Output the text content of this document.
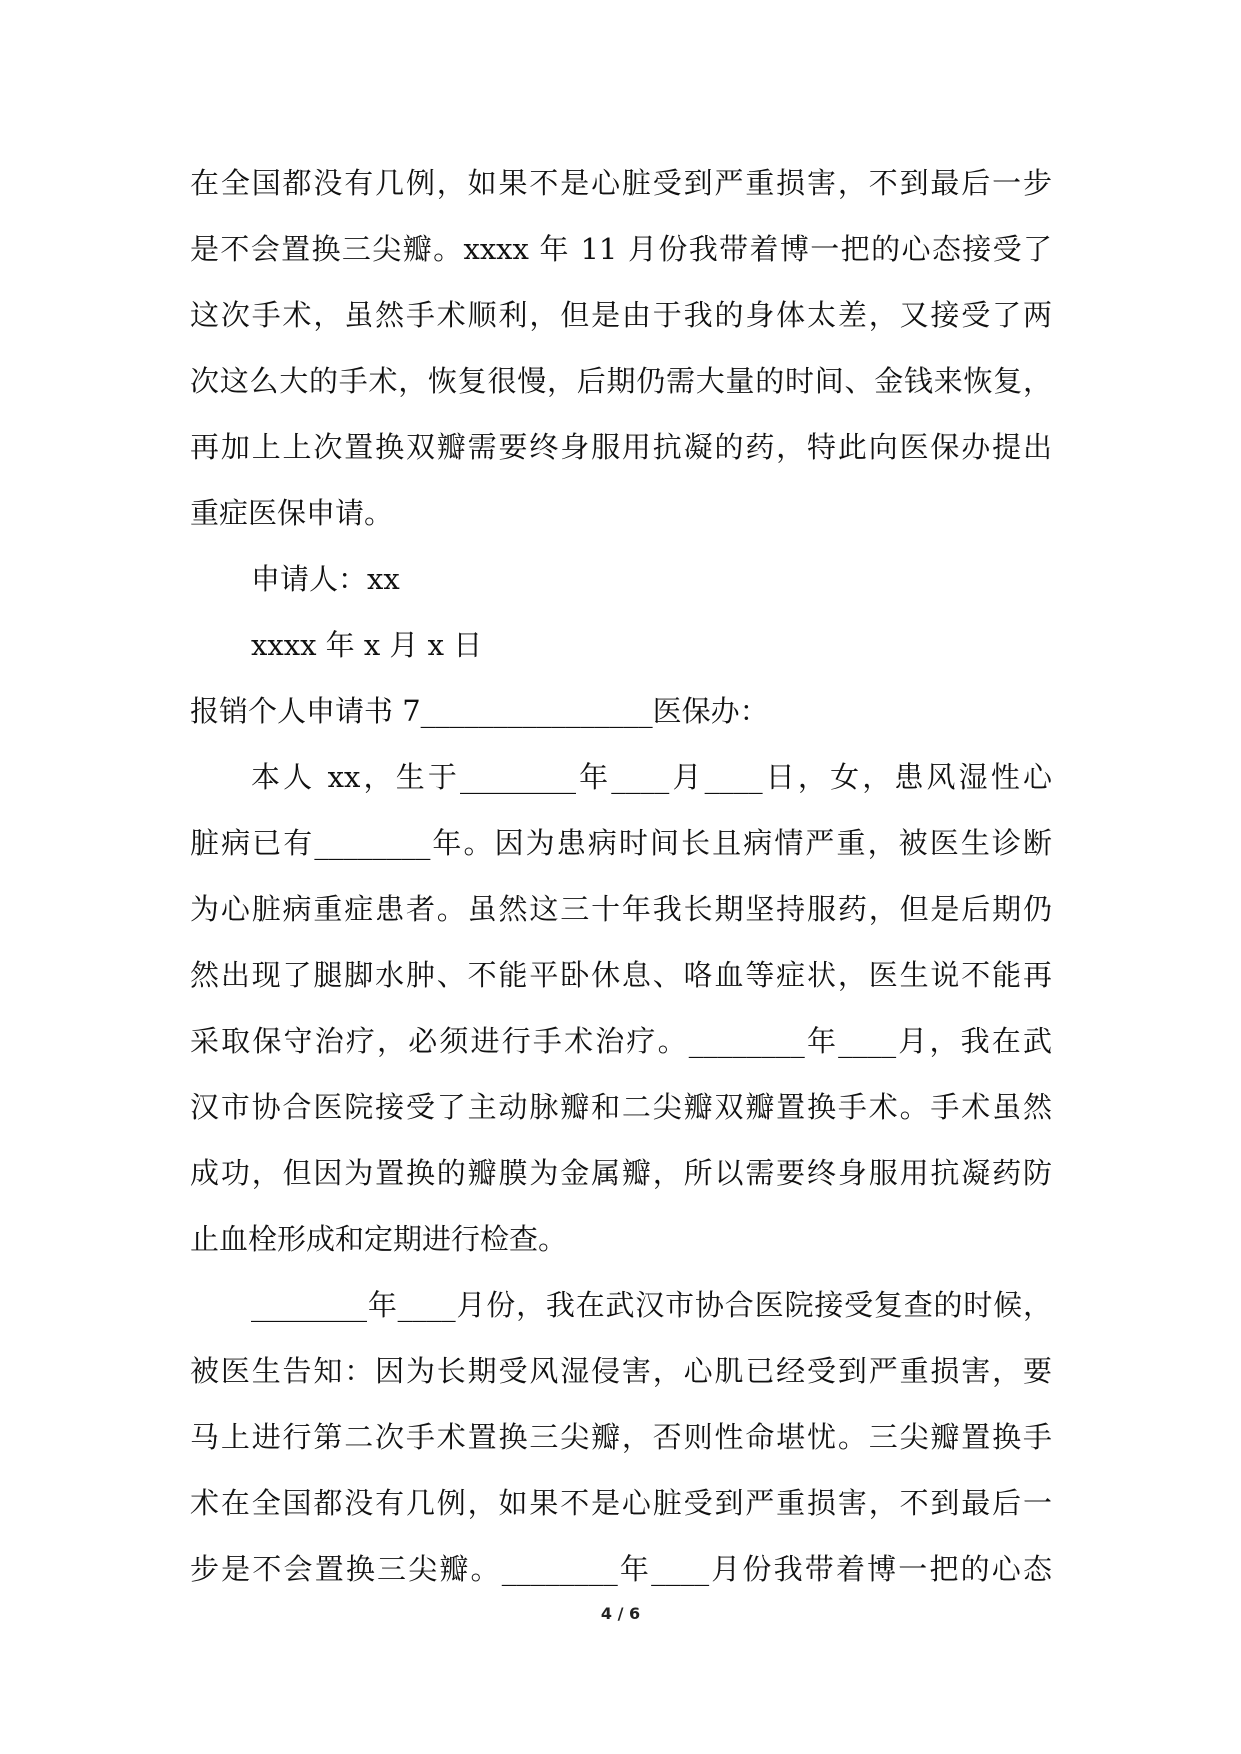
在全国都没有几例，如果不是心脏受到严重损害，不到最后一步
是不会置换三尖瓣。xxxx 年 11 月份我带着博一把的心态接受了
这次手术，虽然手术顺利，但是由于我的身体太差，又接受了两
次这么大的手术，恢复很慢，后期仍需大量的时间、金钱来恢复，
再加上上次置换双瓣需要终身服用抗凝的药，特此向医保办提出
重症医保申请。
申请人：xx
xxxx 年 x 月 x 日
报销个人申请书 7________________医保办：
本人 xx，生于________年____月____日，女，患风湿性心
脏病已有________年。因为患病时间长且病情严重，被医生诊断
为心脏病重症患者。虽然这三十年我长期坚持服药，但是后期仍
然出现了腿脚水肿、不能平卧休息、咯血等症状，医生说不能再
采取保守治疗，必须进行手术治疗。________年____月，我在武
汉市协合医院接受了主动脉瓣和二尖瓣双瓣置换手术。手术虽然
成功，但因为置换的瓣膜为金属瓣，所以需要终身服用抗凝药防
止血栓形成和定期进行检查。
________年____月份，我在武汉市协合医院接受复查的时候，
被医生告知：因为长期受风湿侵害，心肌已经受到严重损害，要
马上进行第二次手术置换三尖瓣，否则性命堪忧。三尖瓣置换手
术在全国都没有几例，如果不是心脏受到严重损害，不到最后一
步是不会置换三尖瓣。________年____月份我带着博一把的心态
4 / 6
